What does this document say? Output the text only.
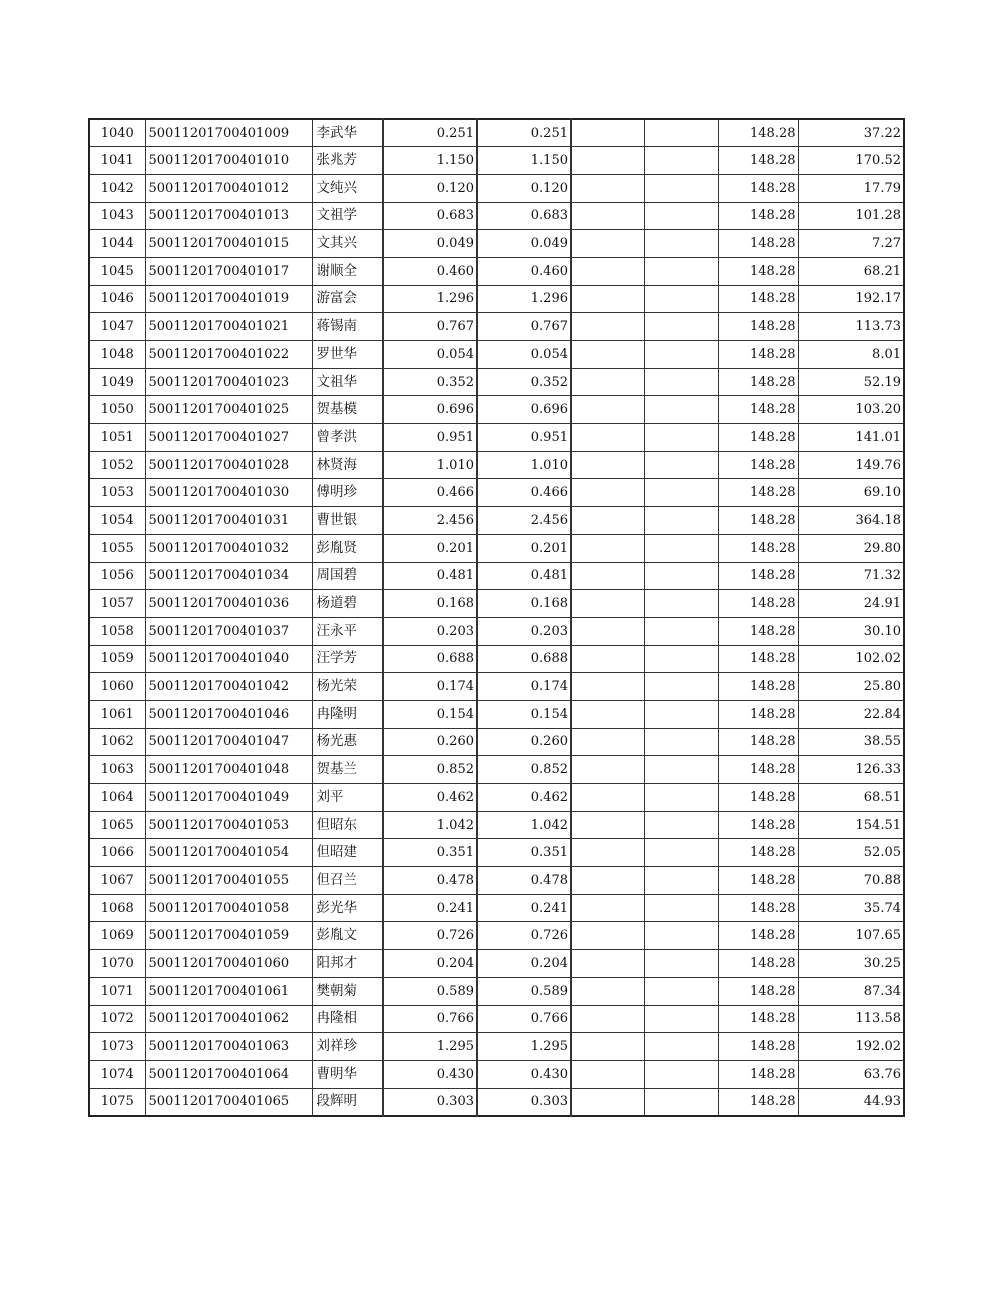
1040	50011201700401009	李武华	0.251	0.251			148.28	37.22
1041	50011201700401010	张兆芳	1.150	1.150			148.28	170.52
1042	50011201700401012	文纯兴	0.120	0.120			148.28	17.79
1043	50011201700401013	文祖学	0.683	0.683			148.28	101.28
1044	50011201700401015	文其兴	0.049	0.049			148.28	7.27
1045	50011201700401017	谢顺全	0.460	0.460			148.28	68.21
1046	50011201700401019	游富会	1.296	1.296			148.28	192.17
1047	50011201700401021	蒋锡南	0.767	0.767			148.28	113.73
1048	50011201700401022	罗世华	0.054	0.054			148.28	8.01
1049	50011201700401023	文祖华	0.352	0.352			148.28	52.19
1050	50011201700401025	贺基模	0.696	0.696			148.28	103.20
1051	50011201700401027	曾孝洪	0.951	0.951			148.28	141.01
1052	50011201700401028	林贤海	1.010	1.010			148.28	149.76
1053	50011201700401030	傅明珍	0.466	0.466			148.28	69.10
1054	50011201700401031	曹世银	2.456	2.456			148.28	364.18
1055	50011201700401032	彭胤贤	0.201	0.201			148.28	29.80
1056	50011201700401034	周国碧	0.481	0.481			148.28	71.32
1057	50011201700401036	杨道碧	0.168	0.168			148.28	24.91
1058	50011201700401037	汪永平	0.203	0.203			148.28	30.10
1059	50011201700401040	汪学芳	0.688	0.688			148.28	102.02
1060	50011201700401042	杨光荣	0.174	0.174			148.28	25.80
1061	50011201700401046	冉隆明	0.154	0.154			148.28	22.84
1062	50011201700401047	杨光惠	0.260	0.260			148.28	38.55
1063	50011201700401048	贺基兰	0.852	0.852			148.28	126.33
1064	50011201700401049	刘平	0.462	0.462			148.28	68.51
1065	50011201700401053	但昭东	1.042	1.042			148.28	154.51
1066	50011201700401054	但昭建	0.351	0.351			148.28	52.05
1067	50011201700401055	但召兰	0.478	0.478			148.28	70.88
1068	50011201700401058	彭光华	0.241	0.241			148.28	35.74
1069	50011201700401059	彭胤文	0.726	0.726			148.28	107.65
1070	50011201700401060	阳邦才	0.204	0.204			148.28	30.25
1071	50011201700401061	樊朝菊	0.589	0.589			148.28	87.34
1072	50011201700401062	冉隆相	0.766	0.766			148.28	113.58
1073	50011201700401063	刘祥珍	1.295	1.295			148.28	192.02
1074	50011201700401064	曹明华	0.430	0.430			148.28	63.76
1075	50011201700401065	段辉明	0.303	0.303			148.28	44.93
